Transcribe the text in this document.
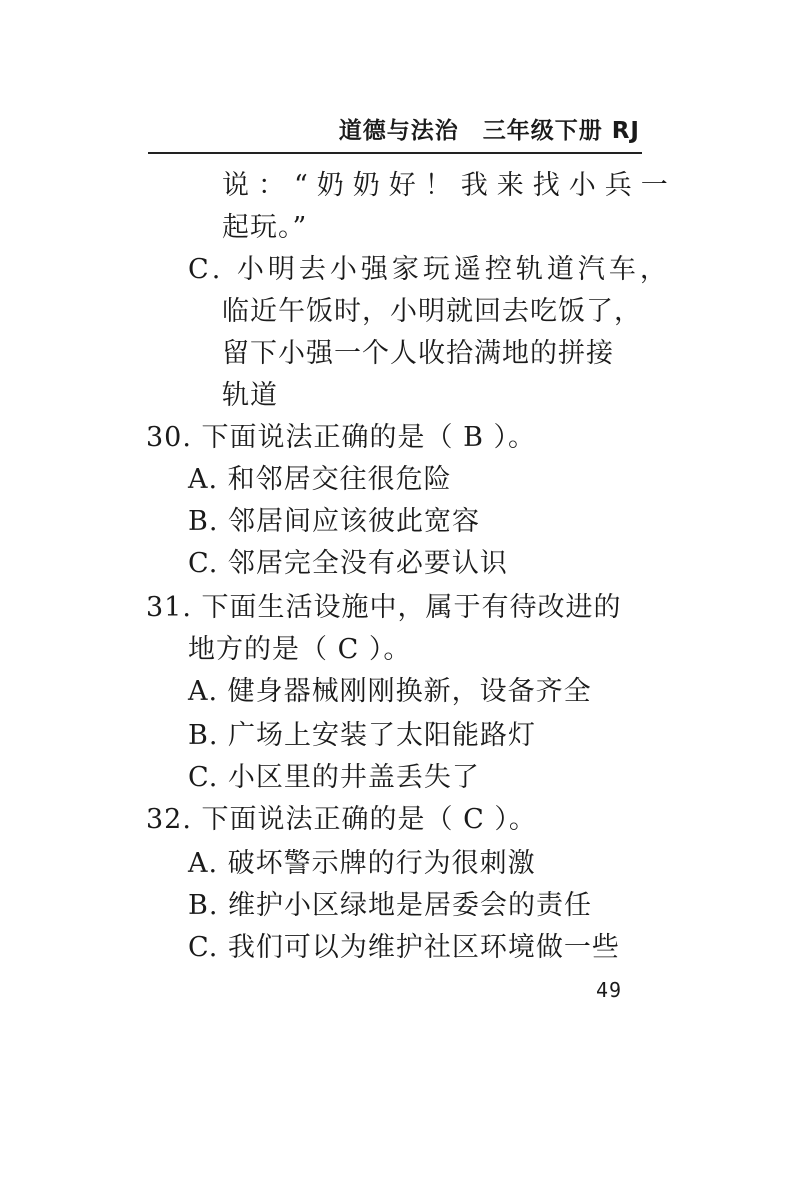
道德与法治　三年级下册 RJ
说：“奶奶好！我来找小兵一
起玩。”
C. 小明去小强家玩遥控轨道汽车，
临近午饭时，小明就回去吃饭了，
留下小强一个人收拾满地的拼接
轨道
30. 下面说法正确的是（ B ）。
A. 和邻居交往很危险
B. 邻居间应该彼此宽容
C. 邻居完全没有必要认识
31. 下面生活设施中，属于有待改进的
地方的是（ C ）。
A. 健身器械刚刚换新，设备齐全
B. 广场上安装了太阳能路灯
C. 小区里的井盖丢失了
32. 下面说法正确的是（ C ）。
A. 破坏警示牌的行为很刺激
B. 维护小区绿地是居委会的责任
C. 我们可以为维护社区环境做一些
49
